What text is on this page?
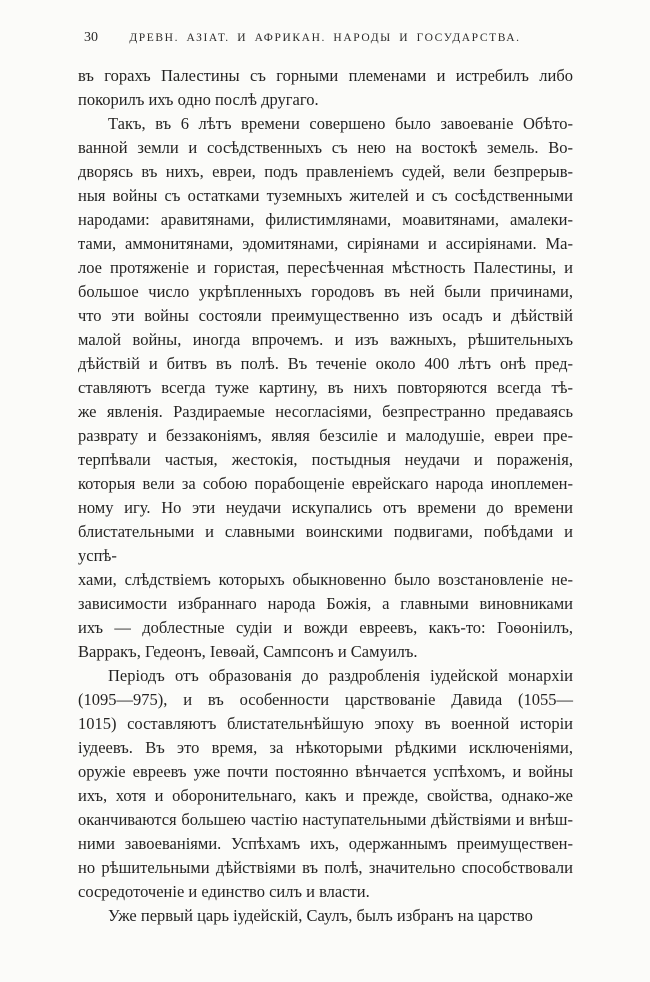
30	ДРЕВН. АЗІАТ. И АФРИКАН. НАРОДЫ И ГОСУДАРСТВА.
въ горахъ Палестины съ горными племенами и истребилъ либо
покорилъ ихъ одно послѣ другаго.
Такъ, въ 6 лѣтъ времени совершено было завоеваніе Обѣто-
ванной земли и сосѣдственныхъ съ нею на востокѣ земель. Во-
дворясь въ нихъ, евреи, подъ правленіемъ судей, вели безпрерыв-
ныя войны съ остатками туземныхъ жителей и съ сосѣдственными
народами: аравитянами, филистимлянами, моавитянами, амалеки-
тами, аммонитянами, эдомитянами, сиріянами и ассиріянами. Ма-
лое протяженіе и гористая, пересѣченная мѣстность Палестины, и
большое число укрѣпленныхъ городовъ въ ней были причинами,
что эти войны состояли преимущественно изъ осадъ и дѣйствій
малой войны, иногда впрочемъ. и изъ важныхъ, рѣшительныхъ
дѣйствій и битвъ въ полѣ. Въ теченіе около 400 лѣтъ онѣ пред-
ставляютъ всегда туже картину, въ нихъ повторяются всегда тѣ-
же явленія. Раздираемые несогласіями, безпрестранно предаваясь
разврату и беззаконіямъ, являя безсиліе и малодушіе, евреи пре-
терпѣвали частыя, жестокія, постыдныя неудачи и пораженія,
которыя вели за собою порабощеніе еврейскаго народа иноплемен-
ному игу. Но эти неудачи искупались отъ времени до времени
блистательными и славными воинскими подвигами, побѣдами и успѣ-
хами, слѣдствіемъ которыхъ обыкновенно было возстановленіе не-
зависимости избраннаго народа Божія, а главными виновниками
ихъ — доблестные судіи и вожди евреевъ, какъ-то: Гоѳоніилъ,
Варракъ, Гедеонъ, Іевѳай, Сампсонъ и Самуилъ.
Періодъ отъ образованія до раздробленія іудейской монархіи
(1095—975), и въ особенности царствованіе Давида (1055—
1015) составляютъ блистательнѣйшую эпоху въ военной исторіи
іудеевъ. Въ это время, за нѣкоторыми рѣдкими исключеніями,
оружіе евреевъ уже почти постоянно вѣнчается успѣхомъ, и войны
ихъ, хотя и оборонительнаго, какъ и прежде, свойства, однако-же
оканчиваются большею частію наступательными дѣйствіями и внѣш-
ними завоеваніями. Успѣхамъ ихъ, одержаннымъ преимуществен-
но рѣшительными дѣйствіями въ полѣ, значительно способствовали
сосредоточеніе и единство силъ и власти.
Уже первый царь іудейскій, Саулъ, былъ избранъ на царство
